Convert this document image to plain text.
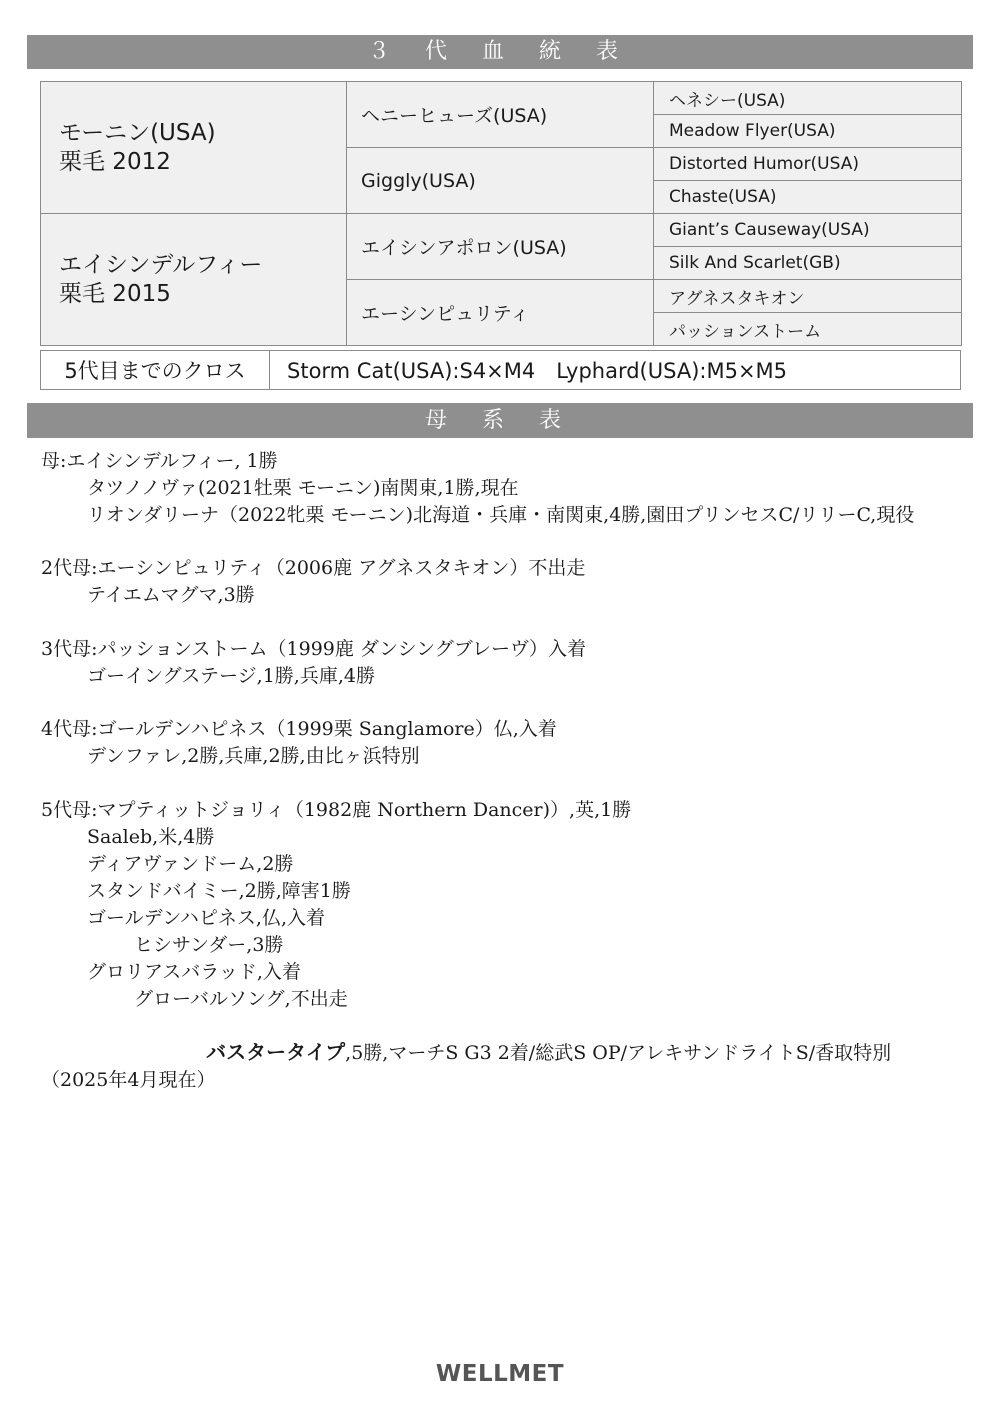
３ 代 血 統 表
モーニン(USA)
栗毛 2012	ヘニーヒューズ(USA)	ヘネシー(USA)
		Meadow Flyer(USA)
	Giggly(USA)	Distorted Humor(USA)
		Chaste(USA)

エイシンデルフィー
栗毛 2015	エイシンアポロン(USA)	Giant’s Causeway(USA)
		Silk And Scarlet(GB)
	エーシンピュリティ	アグネスタキオン
		パッションストーム
5代目までのクロス	Storm Cat(USA):S4×M4　Lyphard(USA):M5×M5
母 系 表
母:エイシンデルフィー, 1勝
タツノノヴァ(2021牡栗 モーニン)南関東,1勝,現在
リオンダリーナ（2022牝栗 モーニン)北海道・兵庫・南関東,4勝,園田プリンセスC/リリーC,現役
2代母:エーシンピュリティ（2006鹿 アグネスタキオン）不出走
テイエムマグマ,3勝
3代母:パッションストーム（1999鹿 ダンシングブレーヴ）入着
ゴーイングステージ,1勝,兵庫,4勝
4代母:ゴールデンハピネス（1999栗 Sanglamore）仏,入着
デンファレ,2勝,兵庫,2勝,由比ヶ浜特別
5代母:マプティットジョリィ（1982鹿 Northern Dancer)）,英,1勝
Saaleb,米,4勝
ディアヴァンドーム,2勝
スタンドバイミー,2勝,障害1勝
ゴールデンハピネス,仏,入着
ヒシサンダー,3勝
グロリアスバラッド,入着
グローバルソング,不出走

バスタータイプ,5勝,マーチS G3 2着/総武S OP/アレキサンドライトS/香取特別

（2025年4月現在）
WELLMET
